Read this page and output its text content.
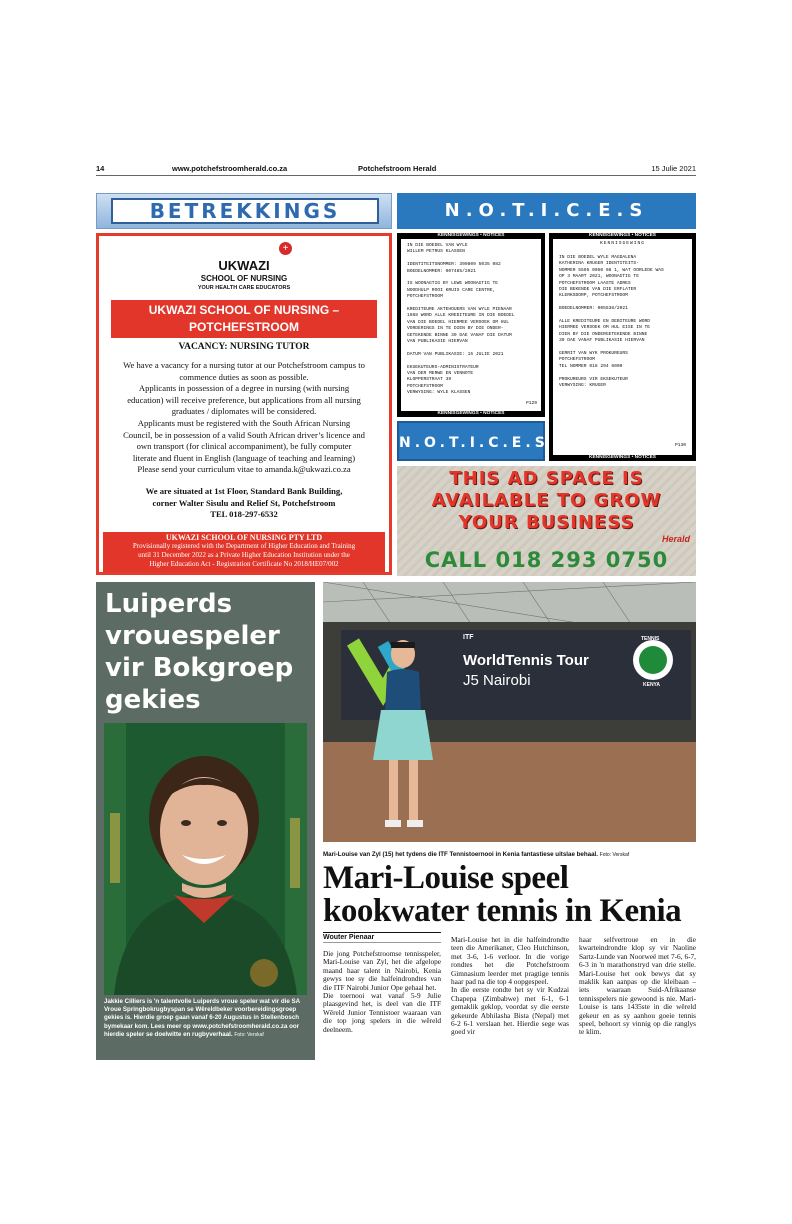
14	www.potchefstroomherald.co.za	Potchefstroom Herald	15 Julie 2021
BETREKKINGS	N.O.T.I.C.E.S
+
UKWAZI
SCHOOL OF NURSING
YOUR HEALTH CARE EDUCATORS
UKWAZI SCHOOL OF NURSING –
POTCHEFSTROOM
VACANCY: NURSING TUTOR
We have a vacancy for a nursing tutor at our Potchefstroom campus to
commence duties as soon as possible.
Applicants in possession of a degree in nursing (with nursing
education) will receive preference, but applications from all nursing
graduates / diplomates will be considered.
Applicants must be registered with the South African Nursing
Council, be in possession of a valid South African driver’s licence and
own transport (for clinical accompaniment), be fully computer
literate and fluent in English (language of teaching and learning)
Please send your curriculum vitae to amanda.k@ukwazi.co.za
We are situated at 1st Floor, Standard Bank Building,
corner Walter Sisulu and Relief St, Potchefstroom
TEL 018-297-6532
UKWAZI SCHOOL OF NURSING PTY LTD
Provisionally registered with the Department of Higher Education and Training
until 31 December 2022 as a Private Higher Education Institution under the
Higher Education Act - Registration Certificate No 2018/HE07/002
KENNISGEWINGS • NOTICES
IN DIE BOEDEL VAN WYLE
WILLEM PETRUS KLASSEN
IDENTITEITSNOMMER: 390809 5035 082
BOEDELNOMMER: 007485/2021
IS WOONAGTIG BY LEWE WOONAGTIG TE
NOODHULP ROOI KRUIS CARE CENTRE,
POTCHEFSTROOM
KREDITEURE AKTEHOUERS VAN WYLE PIENAAR
1988 WORD ALLE KREDITEURE IN DIE BOEDEL
VAN DIE BOEDEL HIERMEE VERSOEK OM HUL
VORDERINGS IN TE DIEN BY DIE ONDER-
GETEKENDE BINNE 30 DAE VANAF DIE DATUM
VAN PUBLIKASIE HIERVAN
DATUM VAN PUBLIKASIE: 15 JULIE 2021
EKSEKUTEURS-ADMINISTRATEUR
VAN DER MERWE EN VENNOTE
KLOPPERSTRAAT 39
POTCHEFSTROOM
VERWYSING: WYLE KLASSEN
P129
KENNISGEWINGS • NOTICES
KENNISGEWINGS • NOTICES
KENNISGEWING
IN DIE BOEDEL WYLE MAGDALENA
KATHERINA KRUGER IDENTITEITS-
NOMMER 5505 0050 08 1, WAT OORLEDE WAS
OP 3 MAART 2021, WOONAGTIG TE
POTCHEFSTROOM LAASTE ADRES
DIE BEKENDE VAN DIE ERFLATER
KLERKSDORP, POTCHEFSTROOM
BOEDELNOMMER: 005538/2021
ALLE KREDITEURE EN DEBITEURE WORD
HIERMEE VERSOEK OM HUL EISE IN TE
DIEN BY DIE ONDERGETEKENDE BINNE
30 DAE VANAF PUBLIKASIE HIERVAN
GERRIT VAN WYK PROKUREURS
POTCHEFSTROOM
TEL NOMMER 018 294 6000
PROKUREURS VIR EKSEKUTEUR
VERWYSING: KRUGER
P130
KENNISGEWINGS • NOTICES
N.O.T.I.C.E.S
THIS AD SPACE IS
AVAILABLE TO GROW
YOUR BUSINESS
Herald
CALL 018 293 0750
Luiperds vrouespeler vir Bokgroep gekies
Jakkie Cilliers is 'n talentvolle Luiperds vroue speler wat vir die SA Vroue Springbokrugbyspan se Wêreldbeker voorbereidingsgroep gekies is. Hierdie groep gaan vanaf 6-20 Augustus in Stellenbosch bymekaar kom. Lees meer op www.potchefstroomherald.co.za oor hierdie speler se doelwitte en rugbyverhaal. Foto: Verskaf
ITF
WorldTennis Tour
J5 Nairobi
TENNIS
KENYA
Mari-Louise van Zyl (15) het tydens die ITF Tennistoernooi in Kenia fantastiese uitslae behaal. Foto: Verskaf
Mari-Louise speel
kookwater tennis in Kenia
Wouter Pienaar
Die jong Potchefstroomse tennisspeler, Mari-Louise van Zyl, het die afgelope maand haar talent in Nairobi, Kenia gewys toe sy die halfeindrondtes van die ITF Nairobi Junior Ope gehaal het.
Die toernooi wat vanaf 5-9 Julie plaasgevind het, is deel van die ITF Wêreld Junior Tennistoer waaraan van die top jong spelers in die wêreld deelneem.
Mari-Louise het in die halfeindrondte teen die Amerikaner, Cleo Hutchinson, met 3-6, 1-6 verloor. In die vorige rondtes het die Potchefstroom Gimnasium leerder met pragtige tennis haar pad na die top 4 oopgespeel.
In die eerste rondte het sy vir Kudzai Chapepa (Zimbabwe) met 6-1, 6-1 gemaklik geklop, voordat sy die eerste gekeurde Abhilasha Bista (Nepal) met 6-2 6-1 verslaan het. Hierdie sege was goed vir
haar selfvertroue en in die kwarteindrondte klop sy vir Naoline Sartz-Lunde van Noorweë met 7-6, 6-7, 6-3 in 'n marathonstryd van drie stelle. Mari-Louise het ook bewys dat sy maklik kan aanpas op die kleibaan – iets waaraan Suid-Afrikaanse tennisspelers nie gewoond is nie. Mari-Louise is tans 1435ste in die wêreld gekeur en as sy aanhou goeie tennis speel, behoort sy vinnig op die ranglys te klim.
